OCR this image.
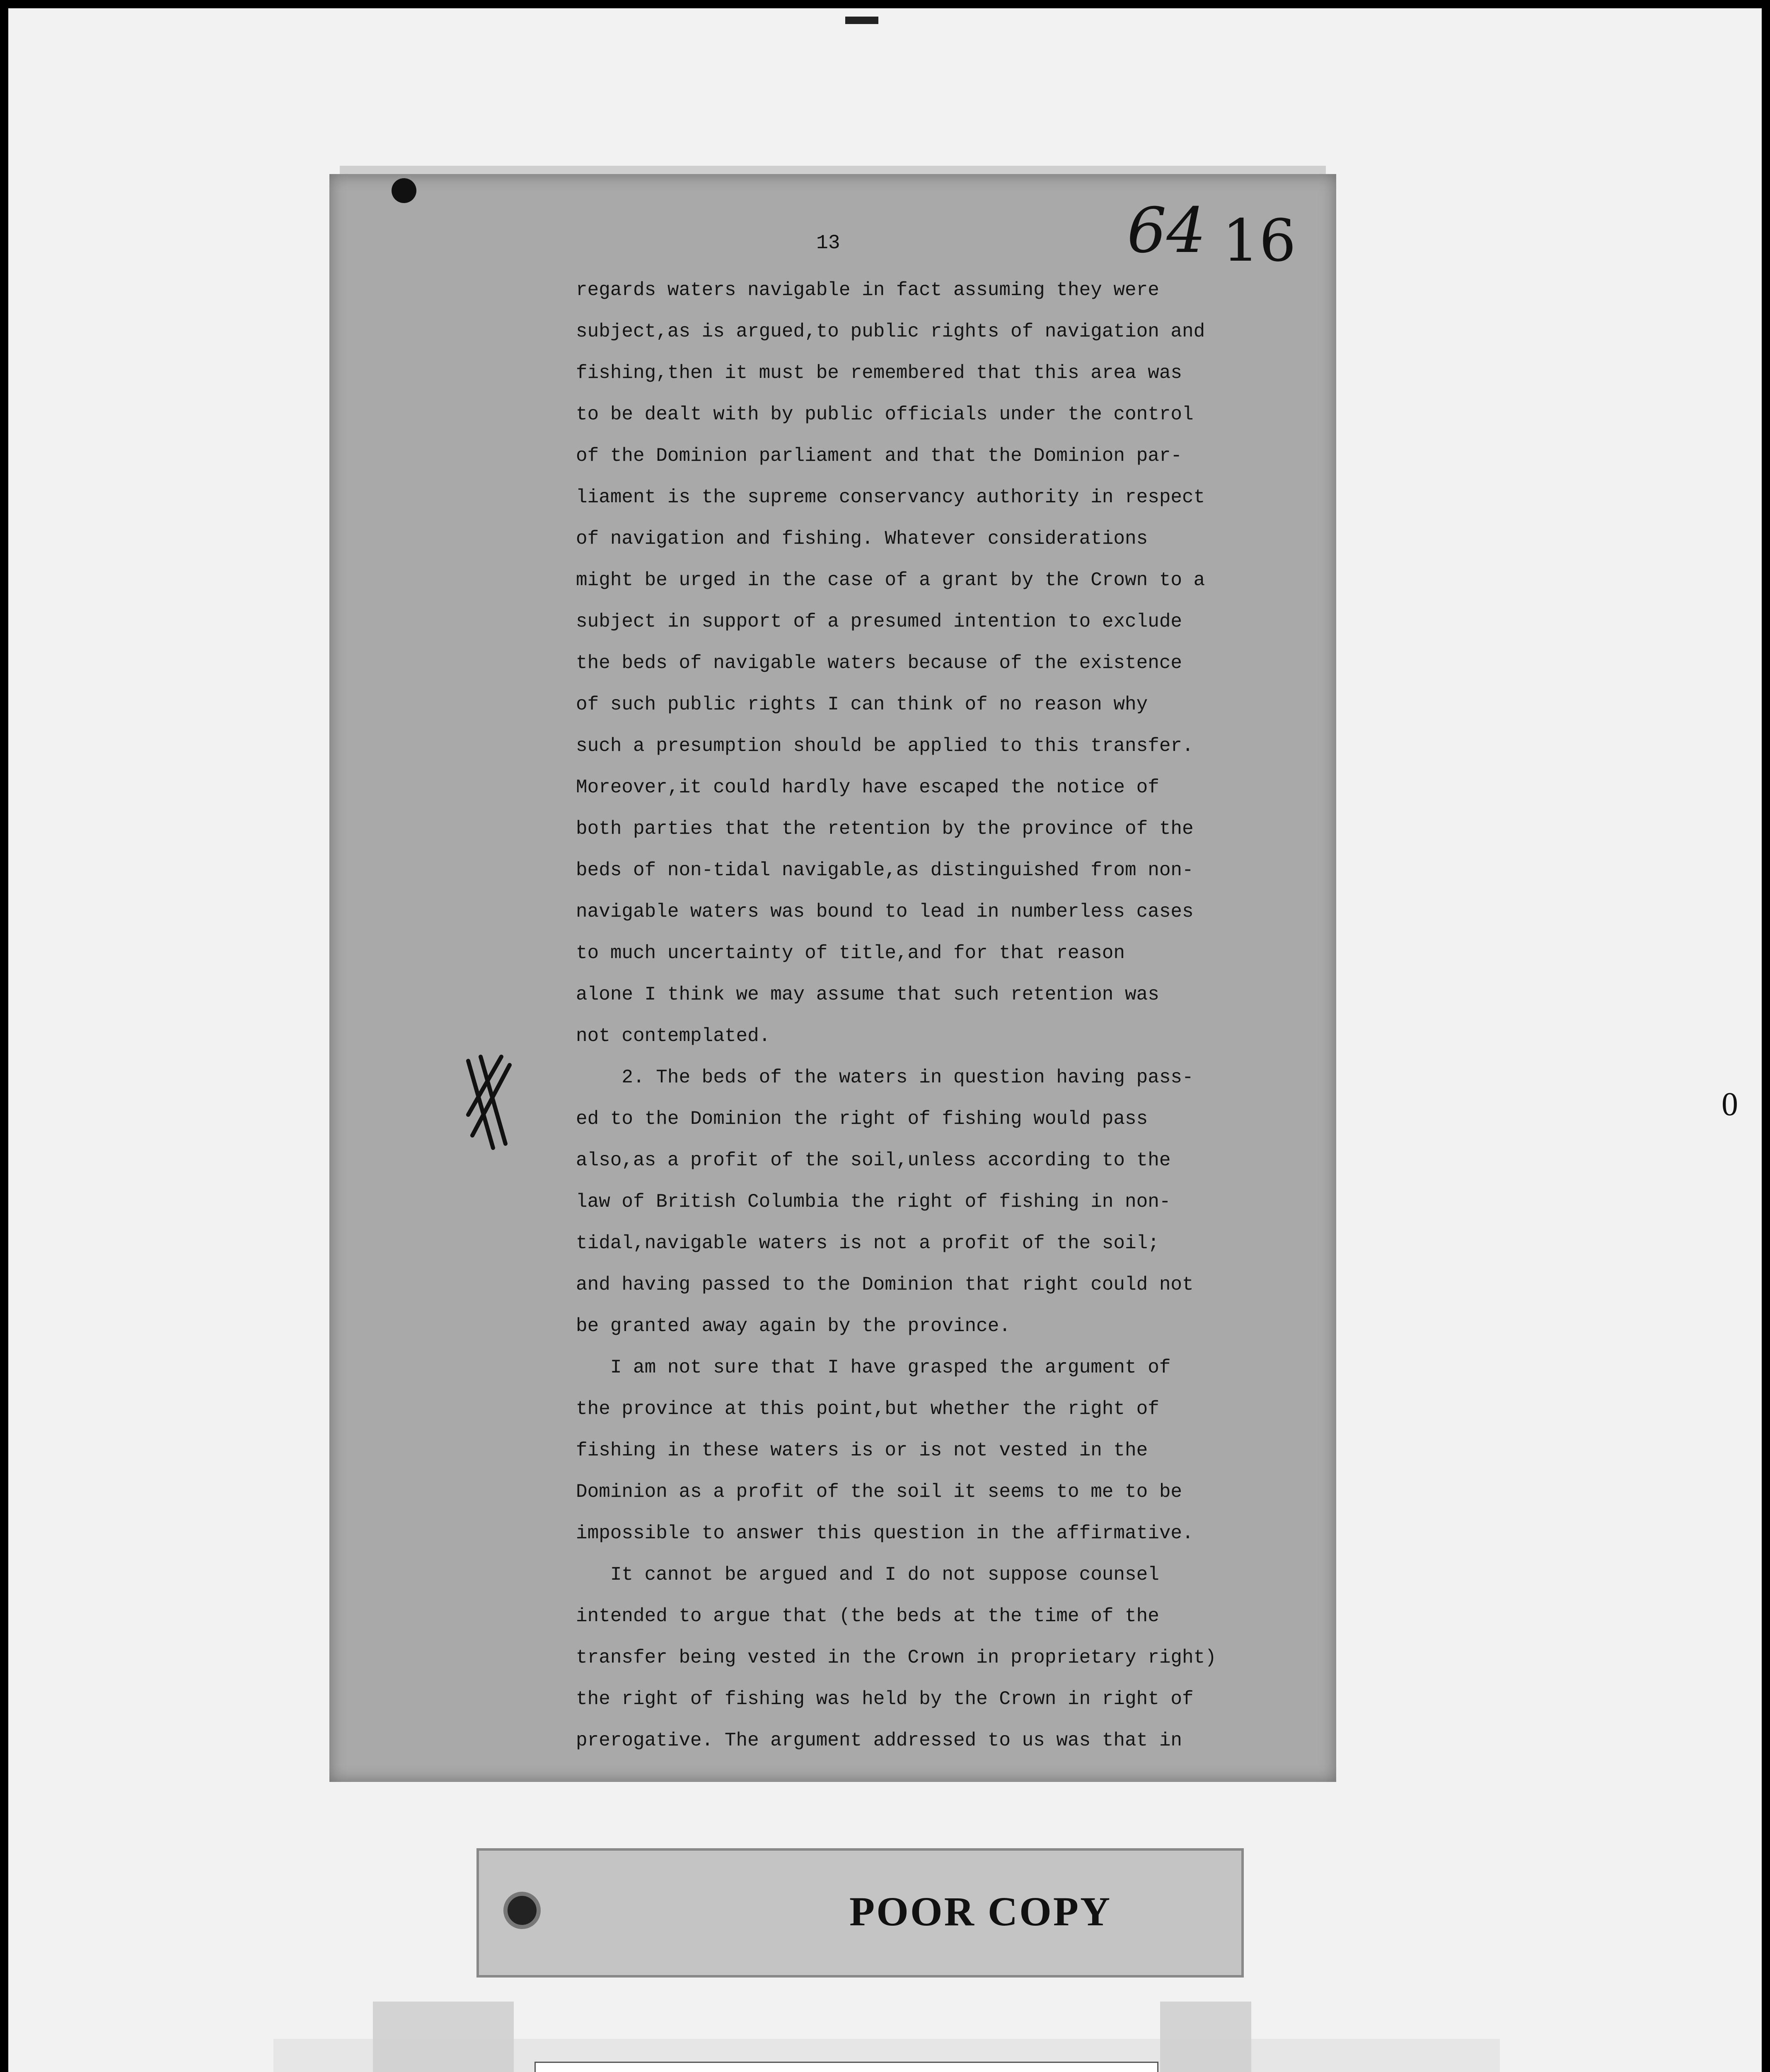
13	64 16
regards waters navigable in fact assuming they were
subject,as is argued,to public rights of navigation and
fishing,then it must be remembered that this area was
to be dealt with by public officials under the control
of the Dominion parliament and that the Dominion par-
liament is the supreme conservancy authority in respect
of navigation and fishing. Whatever considerations
might be urged in the case of a grant by the Crown to a
subject in support of a presumed intention to exclude
the beds of navigable waters because of the existence
of such public rights I can think of no reason why
such a presumption should be applied to this transfer.
Moreover,it could hardly have escaped the notice of
both parties that the retention by the province of the
beds of non-tidal navigable,as distinguished from non-
navigable waters was bound to lead in numberless cases
to much uncertainty of title,and for that reason
alone I think we may assume that such retention was
not contemplated.
2. The beds of the waters in question having pass-
ed to the Dominion the right of fishing would pass
also,as a profit of the soil,unless according to the
law of British Columbia the right of fishing in non-
tidal,navigable waters is not a profit of the soil;
and having passed to the Dominion that right could not
be granted away again by the province.
I am not sure that I have grasped the argument of
the province at this point,but whether the right of
fishing in these waters is or is not vested in the
Dominion as a profit of the soil it seems to me to be
impossible to answer this question in the affirmative.
It cannot be argued and I do not suppose counsel
intended to argue that (the beds at the time of the
transfer being vested in the Crown in proprietary right)
the right of fishing was held by the Crown in right of
prerogative. The argument addressed to us was that in
0
POOR COPY
